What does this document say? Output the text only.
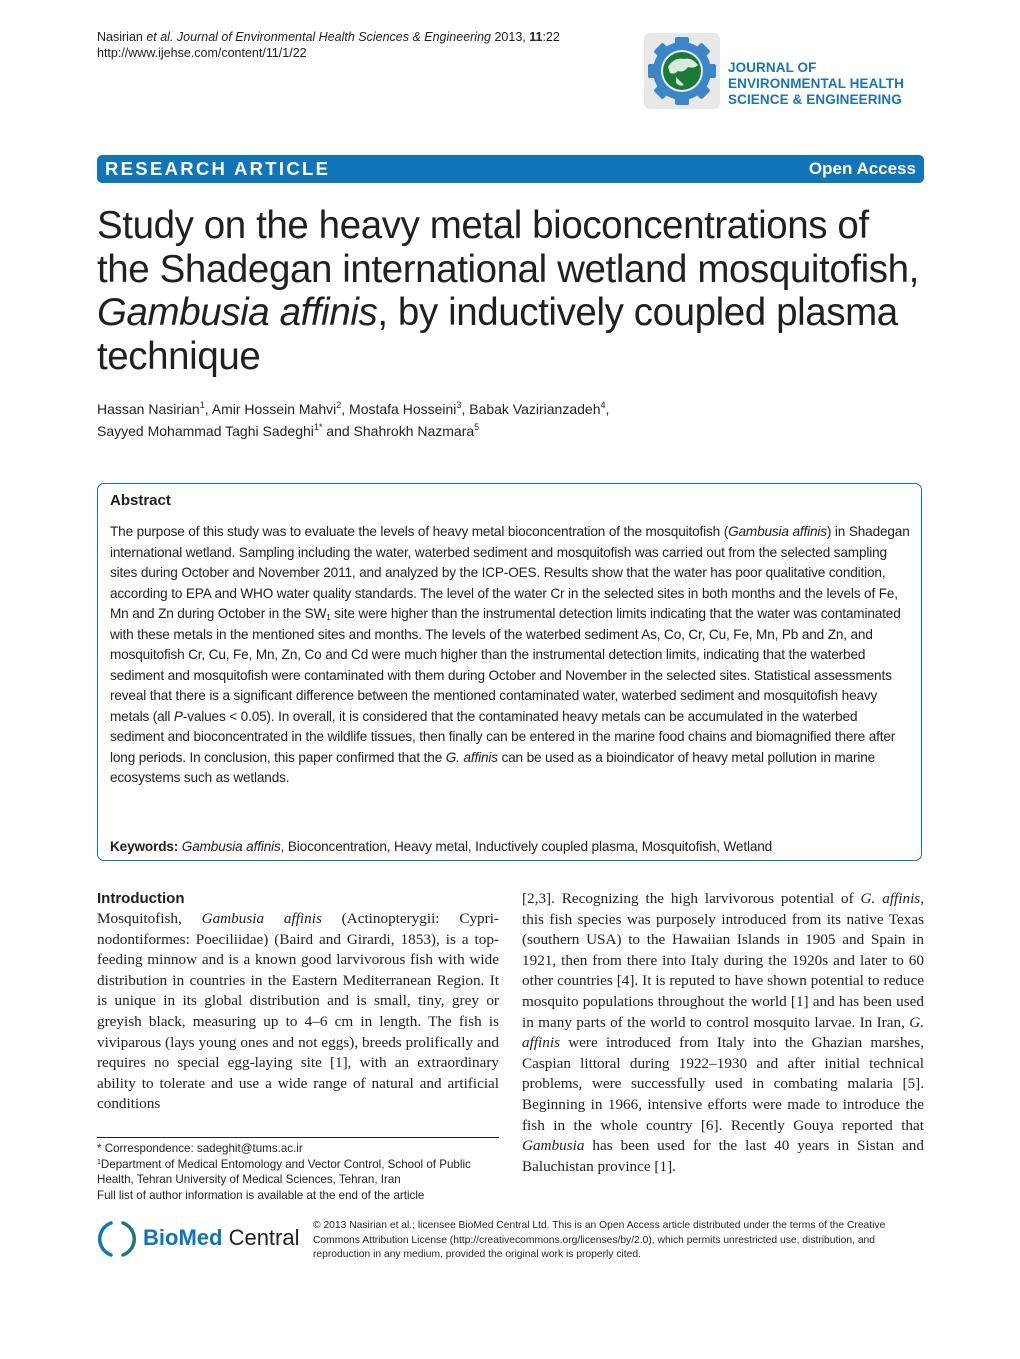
Nasirian et al. Journal of Environmental Health Sciences & Engineering 2013, 11:22
http://www.ijehse.com/content/11/1/22
JOURNAL OF
ENVIRONMENTAL HEALTH
SCIENCE & ENGINEERING
RESEARCH ARTICLE	Open Access
Study on the heavy metal bioconcentrations of
the Shadegan international wetland mosquitofish,
Gambusia affinis, by inductively coupled plasma
technique
Hassan Nasirian$^1$, Amir Hossein Mahvi$^2$, Mostafa Hosseini$^3$, Babak Vazirianzadeh$^4$,
Sayyed Mohammad Taghi Sadeghi$^{1*}$ and Shahrokh Nazmara$^5$
Abstract
The purpose of this study was to evaluate the levels of heavy metal bioconcentration of the mosquitofish (Gambusia affinis) in Shadegan international wetland. Sampling including the water, waterbed sediment and mosquitofish was carried out from the selected sampling sites during October and November 2011, and analyzed by the ICP-OES. Results show that the water has poor qualitative condition, according to EPA and WHO water quality standards. The level of the water Cr in the selected sites in both months and the levels of Fe, Mn and Zn during October in the $SW_1$ site were higher than the instrumental detection limits indicating that the water was contaminated with these metals in the mentioned sites and months. The levels of the waterbed sediment As, Co, Cr, Cu, Fe, Mn, Pb and Zn, and mosquitofish Cr, Cu, Fe, Mn, Zn, Co and Cd were much higher than the instrumental detection limits, indicating that the waterbed sediment and mosquitofish were contaminated with them during October and November in the selected sites. Statistical assessments reveal that there is a significant difference between the mentioned contaminated water, waterbed sediment and mosquitofish heavy metals (all P-values < 0.05). In overall, it is considered that the contaminated heavy metals can be accumulated in the waterbed sediment and bioconcentrated in the wildlife tissues, then finally can be entered in the marine food chains and biomagnified there after long periods. In conclusion, this paper confirmed that the G. affinis can be used as a bioindicator of heavy metal pollution in marine ecosystems such as wetlands.
Keywords: Gambusia affinis, Bioconcentration, Heavy metal, Inductively coupled plasma, Mosquitofish, Wetland
Introduction
Mosquitofish, Gambusia affinis (Actinopterygii: Cypri-nodontiformes: Poeciliidae) (Baird and Girardi, 1853), is a top-feeding minnow and is a known good larvivorous fish with wide distribution in countries in the Eastern Mediterranean Region. It is unique in its global distribution and is small, tiny, grey or greyish black, measuring up to 4–6 cm in length. The fish is viviparous (lays young ones and not eggs), breeds prolifically and requires no special egg-laying site [1], with an extraordinary ability to tolerate and use a wide range of natural and artificial conditions
[2,3]. Recognizing the high larvivorous potential of G. affinis, this fish species was purposely introduced from its native Texas (southern USA) to the Hawaiian Islands in 1905 and Spain in 1921, then from there into Italy during the 1920s and later to 60 other countries [4]. It is reputed to have shown potential to reduce mosquito populations throughout the world [1] and has been used in many parts of the world to control mosquito larvae. In Iran, G. affinis were introduced from Italy into the Ghazian marshes, Caspian littoral during 1922–1930 and after initial technical problems, were successfully used in combating malaria [5]. Beginning in 1966, intensive efforts were made to introduce the fish in the whole country [6]. Recently Gouya reported that Gambusia has been used for the last 40 years in Sistan and Baluchistan province [1].
* Correspondence: sadeghit@tums.ac.ir
$^1$Department of Medical Entomology and Vector Control, School of Public Health, Tehran University of Medical Sciences, Tehran, Iran
Full list of author information is available at the end of the article
BioMed Central © 2013 Nasirian et al.; licensee BioMed Central Ltd. This is an Open Access article distributed under the terms of the Creative Commons Attribution License (http://creativecommons.org/licenses/by/2.0), which permits unrestricted use, distribution, and reproduction in any medium, provided the original work is properly cited.
